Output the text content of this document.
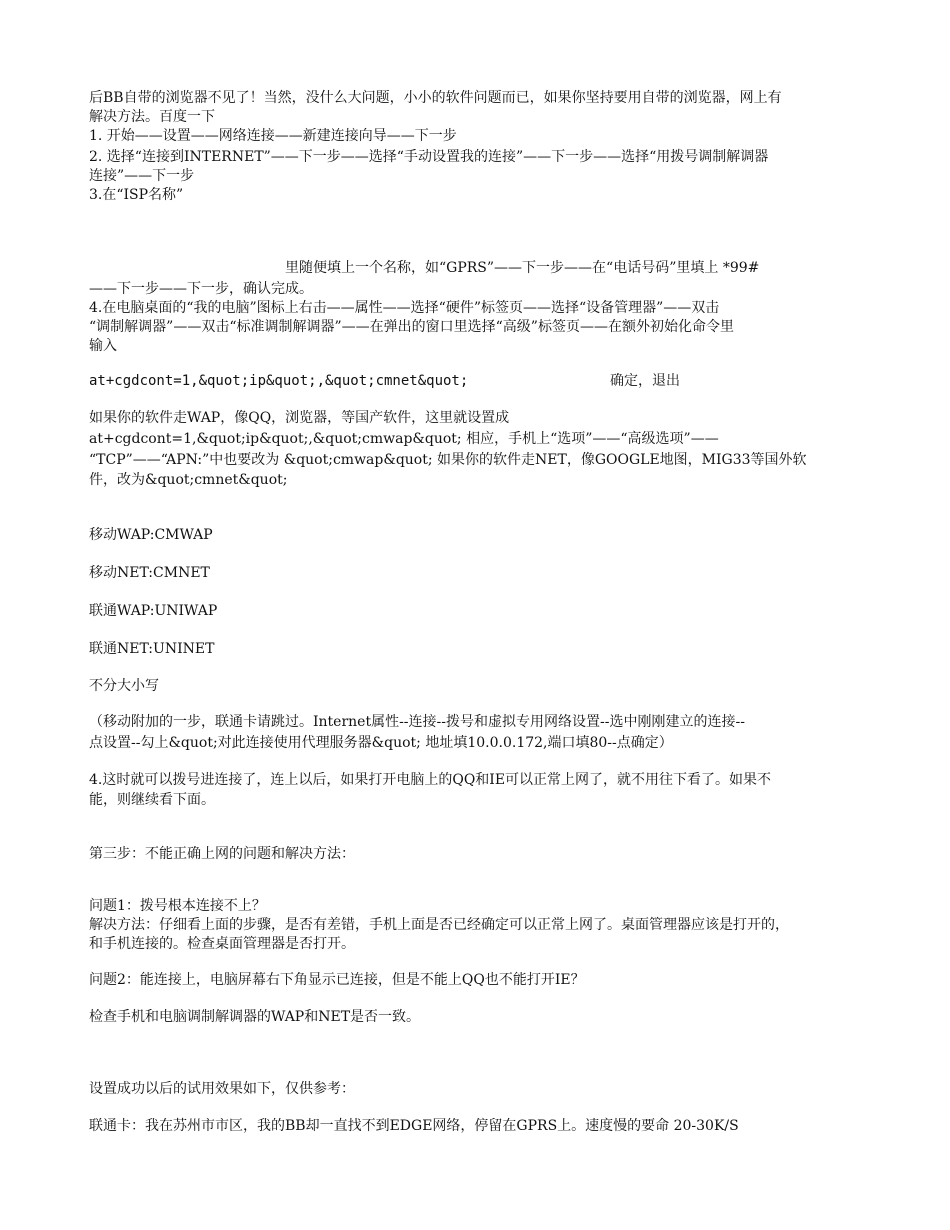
后BB自带的浏览器不见了！当然，没什么大问题，小小的软件问题而已，如果你坚持要用自带的浏览器，网上有
解决方法。百度一下
1. 开始——设置——网络连接——新建连接向导——下一步
2. 选择“连接到INTERNET”——下一步——选择“手动设置我的连接”——下一步——选择“用拨号调制解调器
连接”——下一步
3.在“ISP名称”
里随便填上一个名称，如“GPRS”——下一步——在“电话号码”里填上 *99#
——下一步——下一步，确认完成。
4.在电脑桌面的“我的电脑”图标上右击——属性——选择“硬件”标签页——选择“设备管理器”——双击
“调制解调器”——双击“标准调制解调器”——在弹出的窗口里选择“高级”标签页——在额外初始化命令里
输入
at+cgdcont=1,&quot;ip&quot;,&quot;cmnet&quot;	确定，退出
如果你的软件走WAP，像QQ，浏览器，等国产软件，这里就设置成
at+cgdcont=1,&quot;ip&quot;,&quot;cmwap&quot; 相应，手机上“选项”——“高级选项”——
“TCP”——“APN:”中也要改为 &quot;cmwap&quot; 如果你的软件走NET，像GOOGLE地图，MIG33等国外软
件，改为&quot;cmnet&quot;
移动WAP:CMWAP
移动NET:CMNET
联通WAP:UNIWAP
联通NET:UNINET
不分大小写
（移动附加的一步，联通卡请跳过。Internet属性--连接--拨号和虚拟专用网络设置--选中刚刚建立的连接--
点设置--勾上&quot;对此连接使用代理服务器&quot; 地址填10.0.0.172,端口填80--点确定）
4.这时就可以拨号进连接了，连上以后，如果打开电脑上的QQ和IE可以正常上网了，就不用往下看了。如果不
能，则继续看下面。
第三步：不能正确上网的问题和解决方法：
问题1：拨号根本连接不上？
解决方法：仔细看上面的步骤，是否有差错，手机上面是否已经确定可以正常上网了。桌面管理器应该是打开的，
和手机连接的。检查桌面管理器是否打开。
问题2：能连接上，电脑屏幕右下角显示已连接，但是不能上QQ也不能打开IE？
检查手机和电脑调制解调器的WAP和NET是否一致。
设置成功以后的试用效果如下，仅供参考：
联通卡：我在苏州市市区，我的BB却一直找不到EDGE网络，停留在GPRS上。速度慢的要命 20-30K/S
